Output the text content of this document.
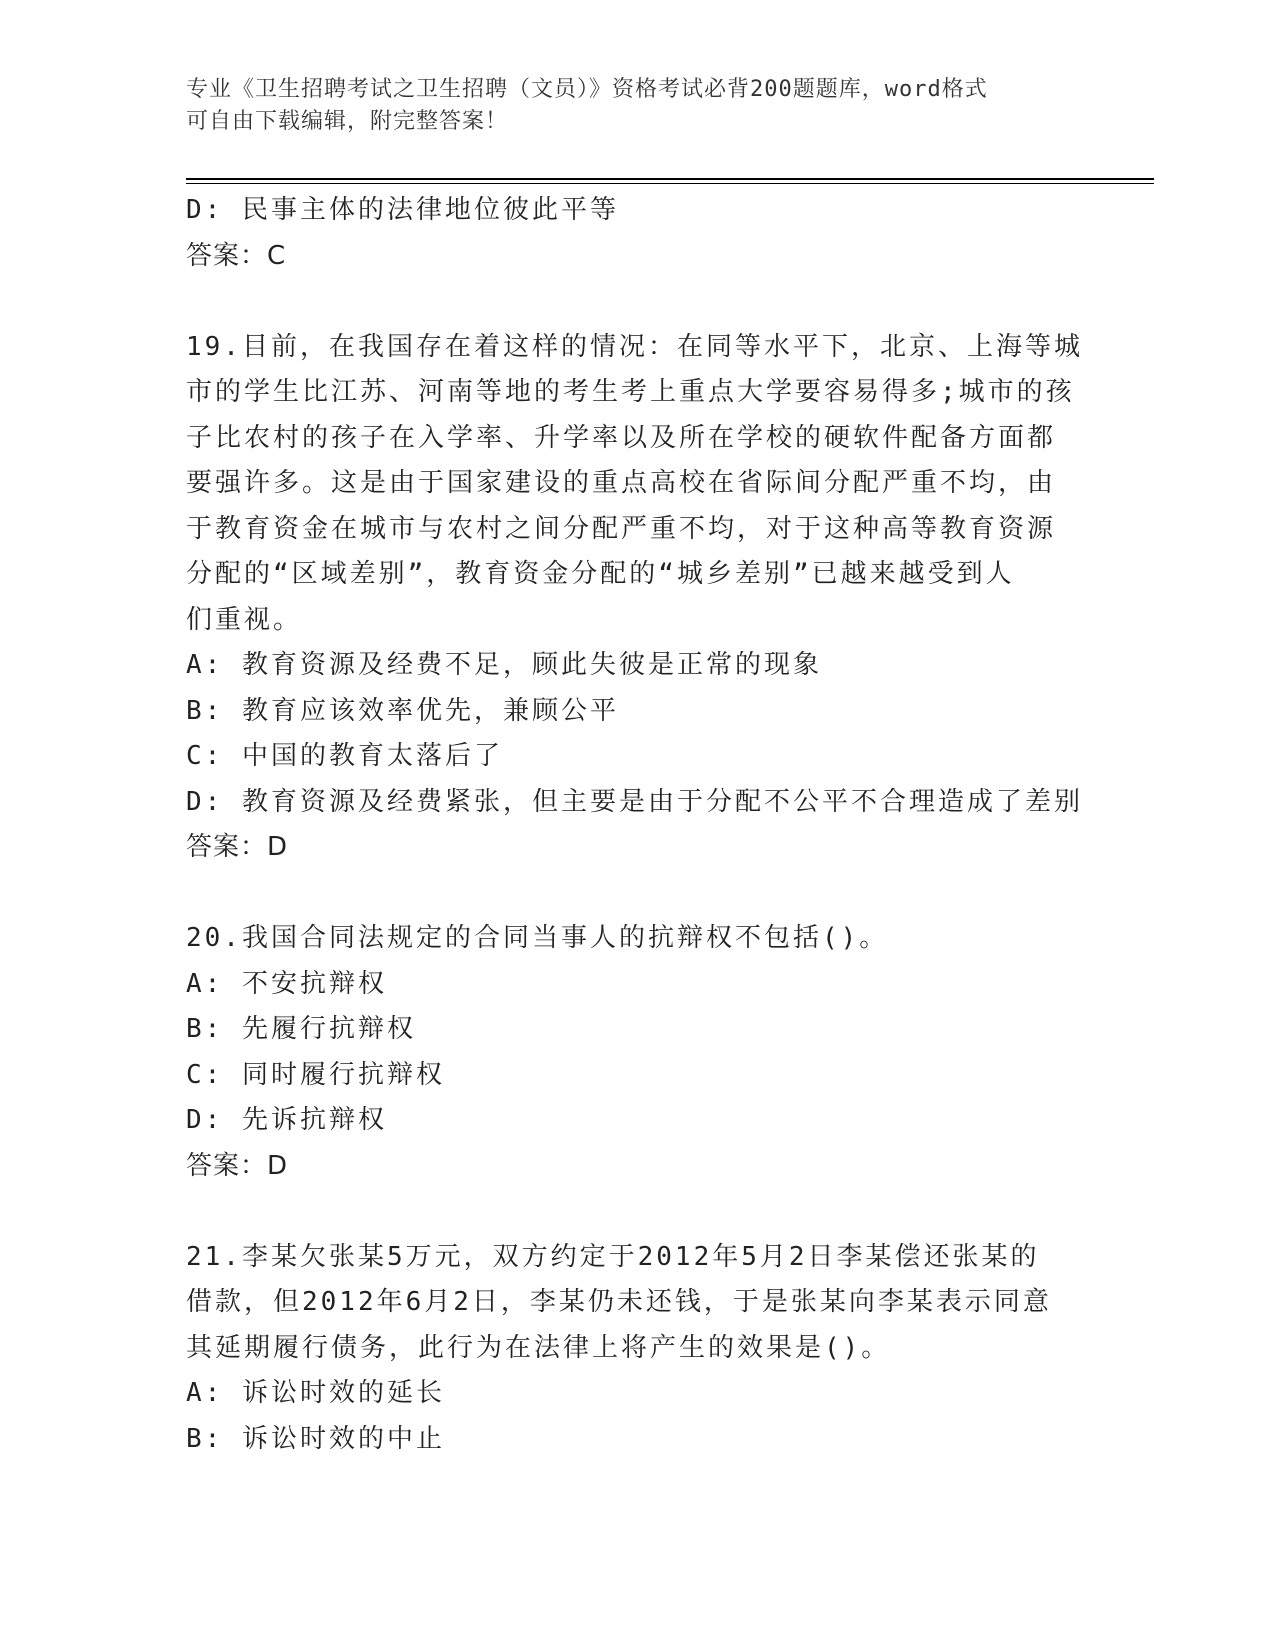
专业《卫生招聘考试之卫生招聘（文员）》资格考试必背200题题库，word格式
可自由下载编辑，附完整答案！
D: 民事主体的法律地位彼此平等
答案：C
19.目前，在我国存在着这样的情况：在同等水平下，北京、上海等城
市的学生比江苏、河南等地的考生考上重点大学要容易得多;城市的孩
子比农村的孩子在入学率、升学率以及所在学校的硬软件配备方面都
要强许多。这是由于国家建设的重点高校在省际间分配严重不均，由
于教育资金在城市与农村之间分配严重不均，对于这种高等教育资源
分配的“区域差别”，教育资金分配的“城乡差别”已越来越受到人
们重视。
A: 教育资源及经费不足，顾此失彼是正常的现象
B: 教育应该效率优先，兼顾公平
C: 中国的教育太落后了
D: 教育资源及经费紧张，但主要是由于分配不公平不合理造成了差别
答案：D
20.我国合同法规定的合同当事人的抗辩权不包括()。
A: 不安抗辩权
B: 先履行抗辩权
C: 同时履行抗辩权
D: 先诉抗辩权
答案：D
21.李某欠张某5万元，双方约定于2012年5月2日李某偿还张某的
借款，但2012年6月2日，李某仍未还钱，于是张某向李某表示同意
其延期履行债务，此行为在法律上将产生的效果是()。
A: 诉讼时效的延长
B: 诉讼时效的中止
